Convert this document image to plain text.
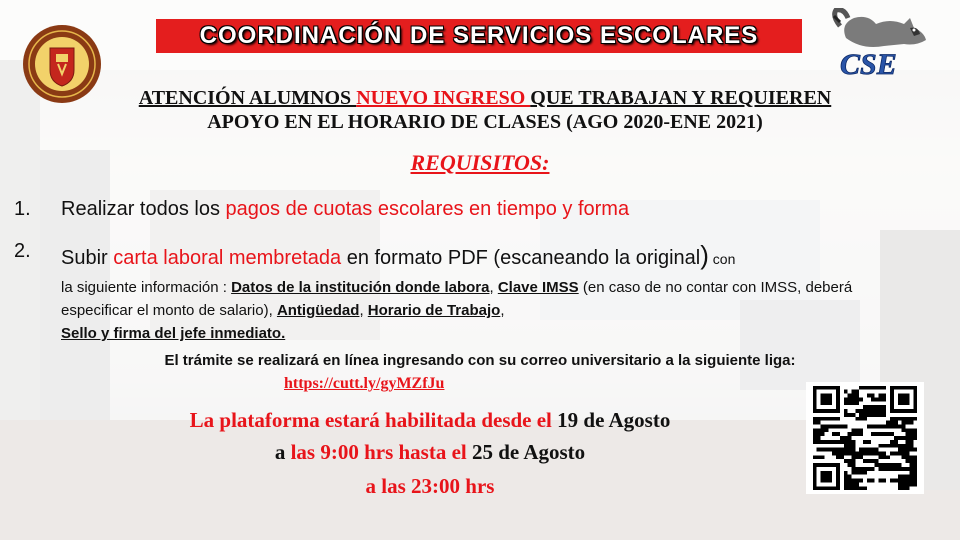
COORDINACIÓN DE SERVICIOS ESCOLARES
CSE
ATENCIÓN ALUMNOS NUEVO INGRESO QUE TRABAJAN Y REQUIEREN
APOYO EN EL HORARIO DE CLASES (AGO 2020-ENE 2021)
REQUISITOS:
1. Realizar todos los pagos de cuotas escolares en tiempo y forma
2. Subir carta laboral membretada en formato PDF (escaneando la original) con
la siguiente información : Datos de la institución donde labora, Clave IMSS (en caso de no contar con IMSS, deberá especificar el monto de salario), Antigüedad, Horario de Trabajo,
Sello y firma del jefe inmediato.
El trámite se realizará en línea ingresando con su correo universitario a la siguiente liga:
https://cutt.ly/gyMZfJu
La plataforma estará habilitada desde el 19 de Agosto
a las 9:00 hrs hasta el 25 de Agosto
a las 23:00 hrs
